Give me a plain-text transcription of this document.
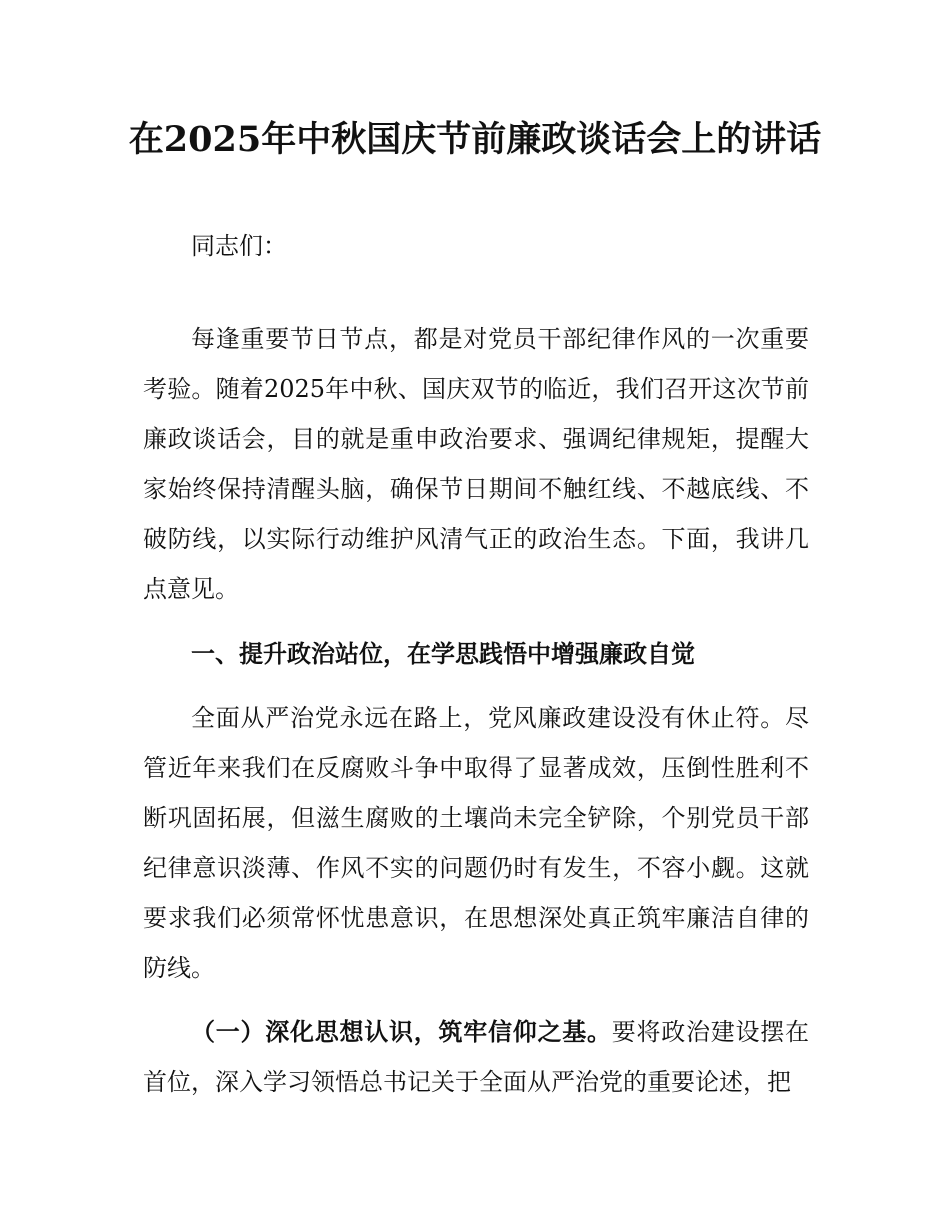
在2025年中秋国庆节前廉政谈话会上的讲话

同志们：

每逢重要节日节点，都是对党员干部纪律作风的一次重要考验。随着2025年中秋、国庆双节的临近，我们召开这次节前廉政谈话会，目的就是重申政治要求、强调纪律规矩，提醒大家始终保持清醒头脑，确保节日期间不触红线、不越底线、不破防线，以实际行动维护风清气正的政治生态。下面，我讲几点意见。

一、提升政治站位，在学思践悟中增强廉政自觉

全面从严治党永远在路上，党风廉政建设没有休止符。尽管近年来我们在反腐败斗争中取得了显著成效，压倒性胜利不断巩固拓展，但滋生腐败的土壤尚未完全铲除，个别党员干部纪律意识淡薄、作风不实的问题仍时有发生，不容小觑。这就要求我们必须常怀忧患意识，在思想深处真正筑牢廉洁自律的防线。

（一）深化思想认识，筑牢信仰之基。要将政治建设摆在首位，深入学习领悟总书记关于全面从严治党的重要论述，把
